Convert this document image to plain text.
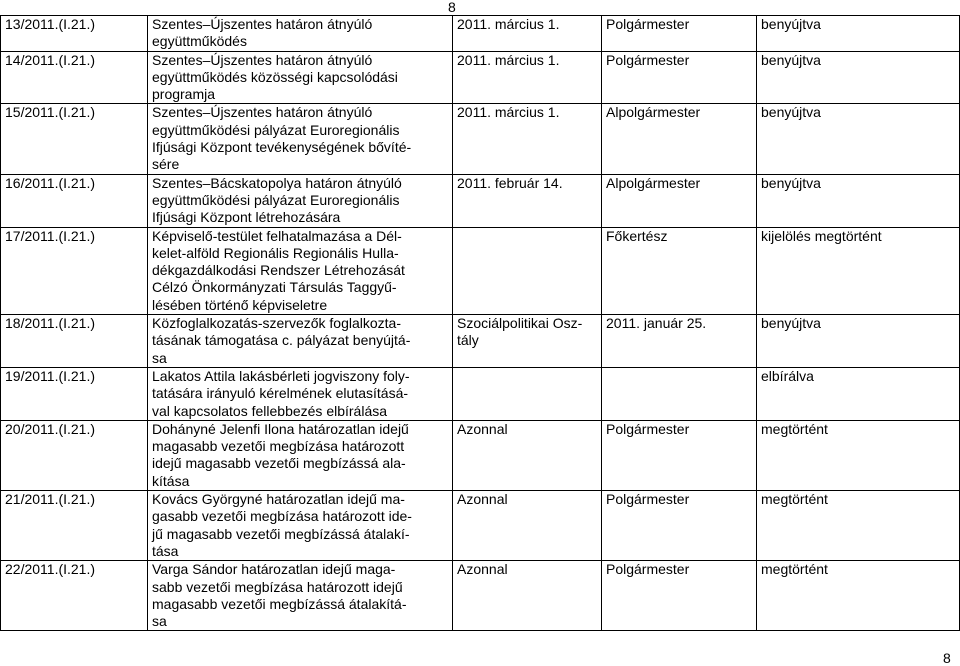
8
13/2011.(I.21.)	Szentes–Újszentes határon átnyúló
együttműködés	2011. március 1.	Polgármester	benyújtva
14/2011.(I.21.)	Szentes–Újszentes határon átnyúló
együttműködés közösségi kapcsolódási
programja	2011. március 1.	Polgármester	benyújtva
15/2011.(I.21.)	Szentes–Újszentes határon átnyúló
együttműködési pályázat Euroregionális
Ifjúsági Központ tevékenységének bővíté-
sére	2011. március 1.	Alpolgármester	benyújtva
16/2011.(I.21.)	Szentes–Bácskatopolya határon átnyúló
együttműködési pályázat Euroregionális
Ifjúsági Központ létrehozására	2011. február 14.	Alpolgármester	benyújtva
17/2011.(I.21.)	Képviselő-testület felhatalmazása a Dél-
kelet-alföld Regionális Regionális Hulla-
dékgazdálkodási Rendszer Létrehozását
Célzó Önkormányzati Társulás Taggyű-
lésében történő képviseletre		Főkertész	kijelölés megtörtént
18/2011.(I.21.)	Közfoglalkozatás-szervezők foglalkozta-
tásának támogatása c. pályázat benyújtá-
sa	Szociálpolitikai Osz-
tály	2011. január 25.	benyújtva
19/2011.(I.21.)	Lakatos Attila lakásbérleti jogviszony foly-
tatására irányuló kérelmének elutasításá-
val kapcsolatos fellebbezés elbírálása			elbírálva
20/2011.(I.21.)	Dohányné Jelenfi Ilona határozatlan idejű
magasabb vezetői megbízása határozott
idejű magasabb vezetői megbízássá ala-
kítása	Azonnal	Polgármester	megtörtént
21/2011.(I.21.)	Kovács Györgyné határozatlan idejű ma-
gasabb vezetői megbízása határozott ide-
jű magasabb vezetői megbízássá átalakí-
tása	Azonnal	Polgármester	megtörtént
22/2011.(I.21.)	Varga Sándor határozatlan idejű maga-
sabb vezetői megbízása határozott idejű
magasabb vezetői megbízássá átalakítá-
sa	Azonnal	Polgármester	megtörtént
8
